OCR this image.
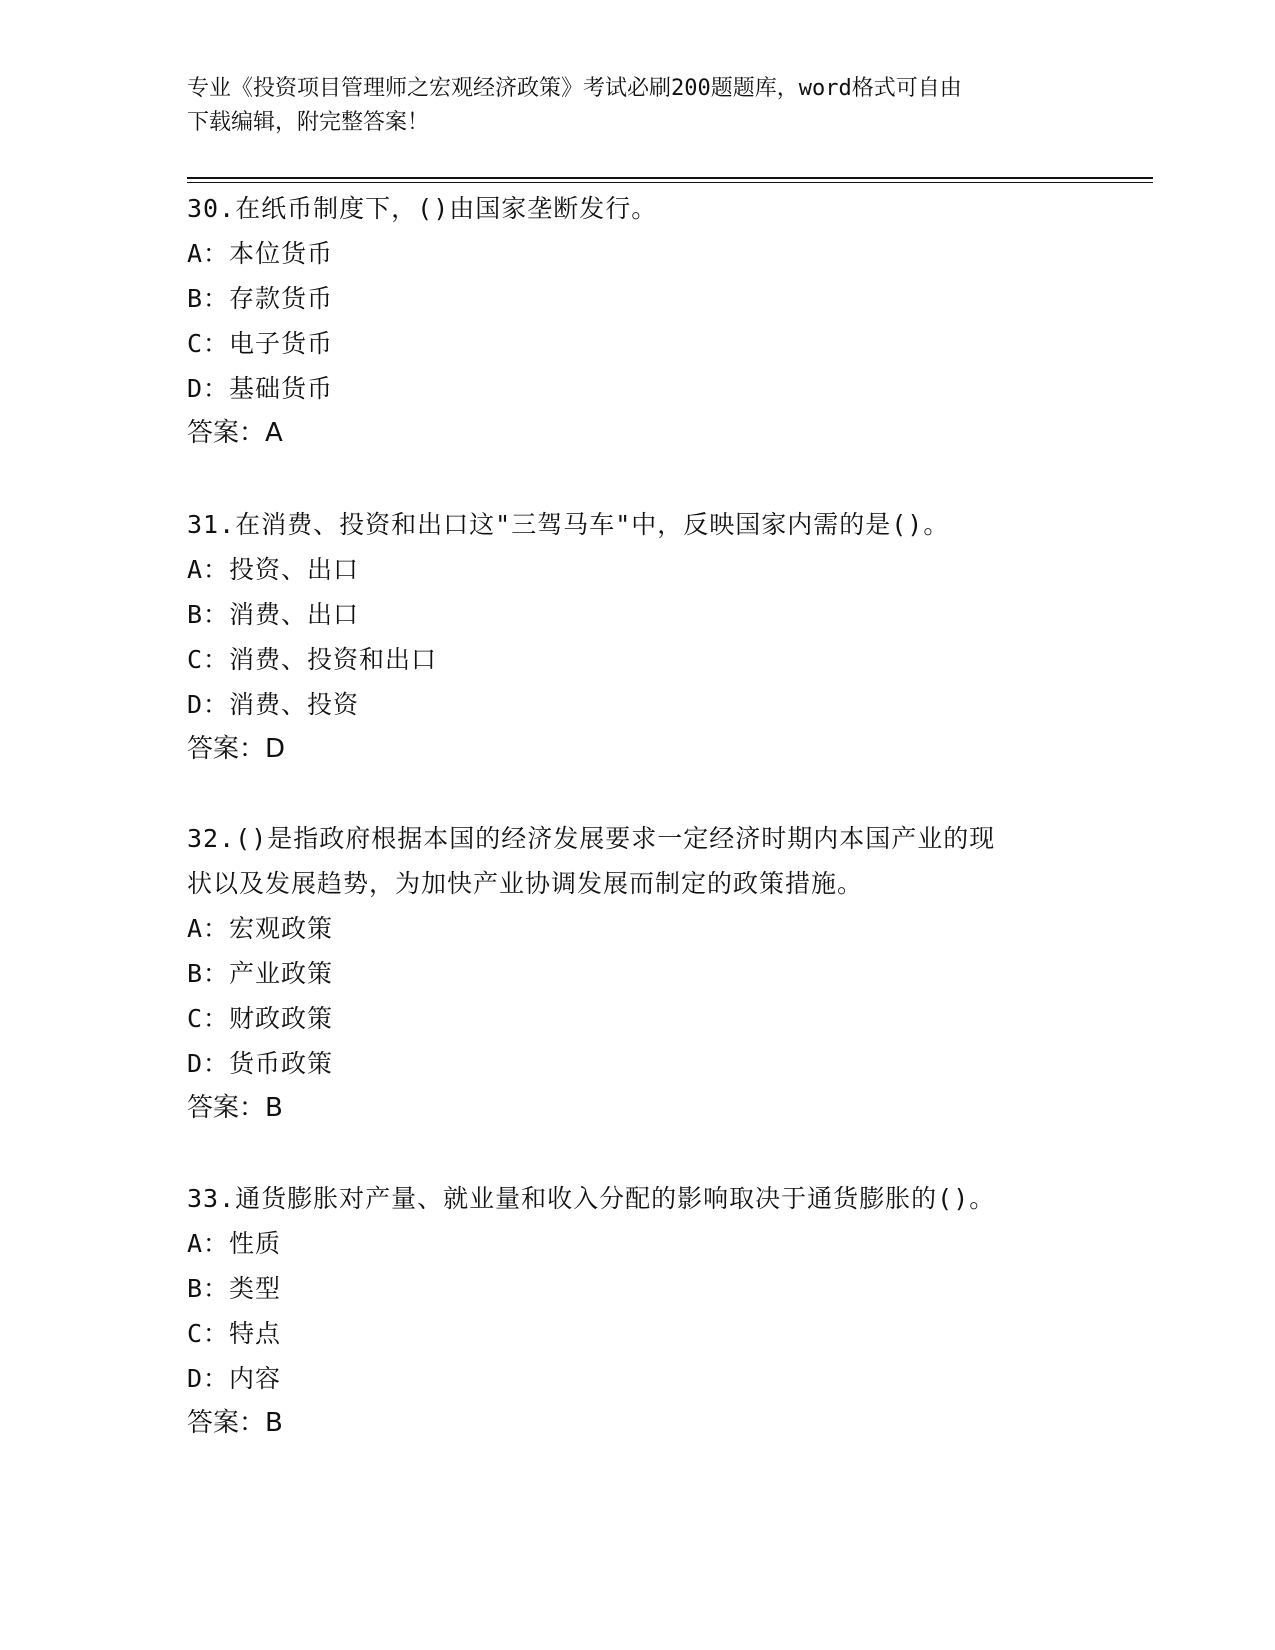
专业《投资项目管理师之宏观经济政策》考试必刷200题题库，word格式可自由
下载编辑，附完整答案！
30.在纸币制度下，()由国家垄断发行。
A：本位货币
B：存款货币
C：电子货币
D：基础货币
答案：A
31.在消费、投资和出口这"三驾马车"中，反映国家内需的是()。
A：投资、出口
B：消费、出口
C：消费、投资和出口
D：消费、投资
答案：D
32.()是指政府根据本国的经济发展要求一定经济时期内本国产业的现
状以及发展趋势，为加快产业协调发展而制定的政策措施。
A：宏观政策
B：产业政策
C：财政政策
D：货币政策
答案：B
33.通货膨胀对产量、就业量和收入分配的影响取决于通货膨胀的()。
A：性质
B：类型
C：特点
D：内容
答案：B
